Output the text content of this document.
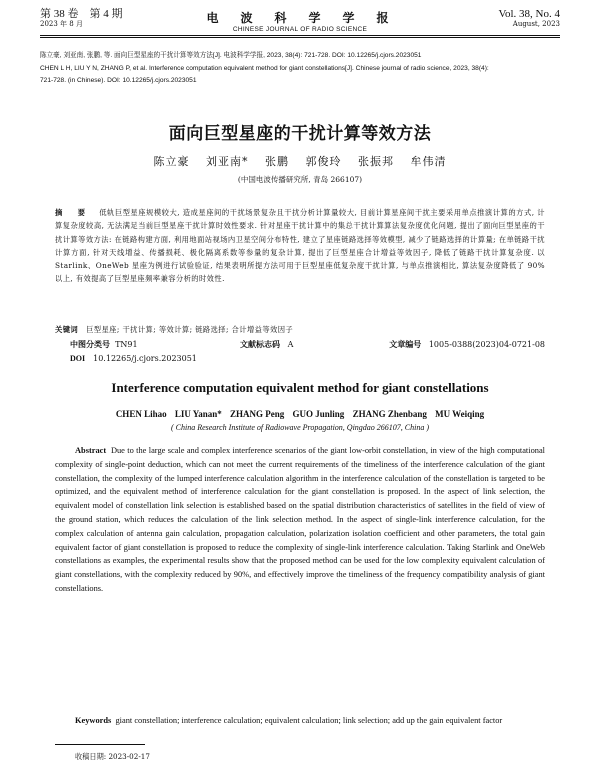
第 38 卷　第 4 期
2023 年 8 月	电　波　科　学　学　报
CHINESE JOURNAL OF RADIO SCIENCE
Vol. 38, No. 4
August, 2023
陈立豪, 刘亚南, 张鹏, 等. 面向巨型星座的干扰计算等效方法[J]. 电波科学学报, 2023, 38(4): 721-728. DOI: 10.12265/j.cjors.2023051
CHEN L H, LIU Y N, ZHANG P, et al. Interference computation equivalent method for giant constellations[J]. Chinese journal of radio science, 2023, 38(4):
721-728. (in Chinese). DOI: 10.12265/j.cjors.2023051
面向巨型星座的干扰计算等效方法
陈立豪 刘亚南* 张鹏 郭俊玲 张振邦 牟伟清
(中国电波传播研究所, 青岛 266107)
摘　要 低轨巨型星座规模较大, 造成星座间的干扰场景复杂且干扰分析计算量较大, 目前计算星座间干扰主要采用单点推演计算的方式, 计算复杂度较高, 无法满足当前巨型星座干扰计算时效性要求. 针对星座干扰计算中的集总干扰计算算法复杂度优化问题, 提出了面向巨型星座的干扰计算等效方法: 在链路构建方面, 利用地面站视场内卫星空间分布特性, 建立了星座链路选择等效模型, 减少了链路选择的计算量; 在单链路干扰计算方面, 针对天线增益、传播损耗、极化隔离系数等参量的复杂计算, 提出了巨型星座合计增益等效因子, 降低了链路干扰计算复杂度. 以 Starlink、OneWeb 星座为例进行试验验证, 结果表明所提方法可用于巨型星座低复杂度干扰计算, 与单点推演相比, 算法复杂度降低了 90% 以上, 有效提高了巨型星座频率兼容分析的时效性.
关键词 巨型星座; 干扰计算; 等效计算; 链路选择; 合计增益等效因子
中图分类号 TN91	文献标志码 A	文章编号 1005-0388(2023)04-0721-08
DOI 10.12265/j.cjors.2023051
Interference computation equivalent method for giant constellations
CHEN Lihao LIU Yanan* ZHANG Peng GUO Junling ZHANG Zhenbang MU Weiqing
( China Research Institute of Radiowave Propagation, Qingdao 266107, China )
Abstract Due to the large scale and complex interference scenarios of the giant low-orbit constellation, in view of the high computational complexity of single-point deduction, which can not meet the current requirements of the timeliness of the interference calculation of the giant constellation, the complexity of the lumped interference calculation algorithm in the interference calculation of the constellation is targeted to be optimized, and the equivalent method of interference calculation for the giant constellation is proposed. In the aspect of link selection, the equivalent model of constellation link selection is established based on the spatial distribution characteristics of satellites in the field of view of the ground station, which reduces the calculation of the link selection method. In the aspect of single-link interference calculation, for the complex calculation of antenna gain calculation, propagation calculation, polarization isolation coefficient and other parameters, the total gain equivalent factor of giant constellation is proposed to reduce the complexity of single-link interference calculation. Taking Starlink and OneWeb constellations as examples, the experimental results show that the proposed method can be used for the low complexity equivalent calculation of giant constellations, with the complexity reduced by 90%, and effectively improve the timeliness of the frequency compatibility analysis of giant constellations.
Keywords giant constellation; interference calculation; equivalent calculation; link selection; add up the gain equivalent factor
收稿日期: 2023-02-17
